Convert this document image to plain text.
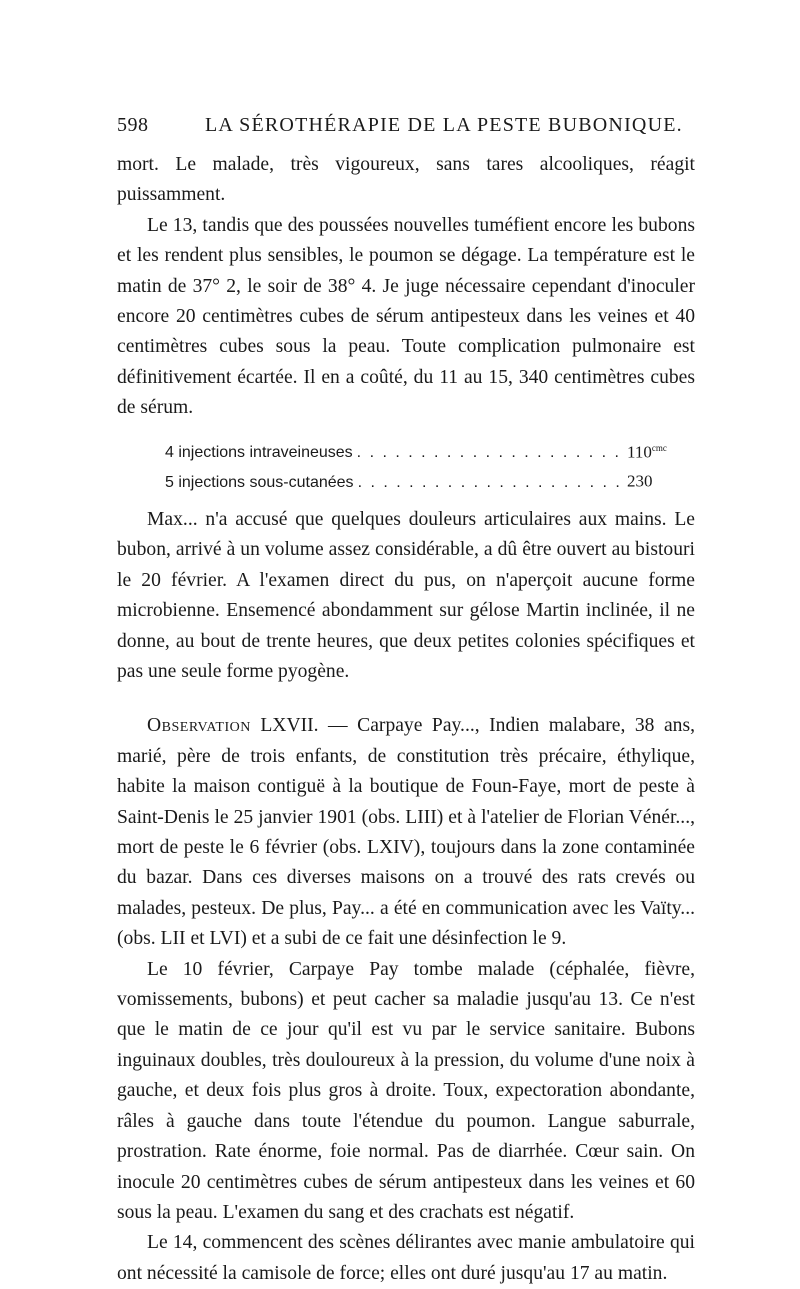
598	LA SÉROTHÉRAPIE DE LA PESTE BUBONIQUE.

mort. Le malade, très vigoureux, sans tares alcooliques, réagit puissamment.

Le 13, tandis que des poussées nouvelles tuméfient encore les bubons et les rendent plus sensibles, le poumon se dégage. La température est le matin de 37° 2, le soir de 38° 4. Je juge nécessaire cependant d'inoculer encore 20 centimètres cubes de sérum antipesteux dans les veines et 40 centimètres cubes sous la peau. Toute complication pulmonaire est définitivement écartée. Il en a coûté, du 11 au 15, 340 centimètres cubes de sérum.

4 injections intraveineuses . . .	$110^{cmc}$
5 injections sous-cutanées . . .	230

Max... n'a accusé que quelques douleurs articulaires aux mains. Le bubon, arrivé à un volume assez considérable, a dû être ouvert au bistouri le 20 février. A l'examen direct du pus, on n'aperçoit aucune forme microbienne. Ensemencé abondamment sur gélose Martin inclinée, il ne donne, au bout de trente heures, que deux petites colonies spécifiques et pas une seule forme pyogène.

Observation LXVII. — Carpaye Pay..., Indien malabare, 38 ans, marié, père de trois enfants, de constitution très précaire, éthylique, habite la maison contiguë à la boutique de Foun-Faye, mort de peste à Saint-Denis le 25 janvier 1901 (obs. LIII) et à l'atelier de Florian Vénér..., mort de peste le 6 février (obs. LXIV), toujours dans la zone contaminée du bazar. Dans ces diverses maisons on a trouvé des rats crevés ou malades, pesteux. De plus, Pay... a été en communication avec les Vaïty... (obs. LII et LVI) et a subi de ce fait une désinfection le 9.

Le 10 février, Carpaye Pay tombe malade (céphalée, fièvre, vomissements, bubons) et peut cacher sa maladie jusqu'au 13. Ce n'est que le matin de ce jour qu'il est vu par le service sanitaire. Bubons inguinaux doubles, très douloureux à la pression, du volume d'une noix à gauche, et deux fois plus gros à droite. Toux, expectoration abondante, râles à gauche dans toute l'étendue du poumon. Langue saburrale, prostration. Rate énorme, foie normal. Pas de diarrhée. Cœur sain. On inocule 20 centimètres cubes de sérum antipesteux dans les veines et 60 sous la peau. L'examen du sang et des crachats est négatif.

Le 14, commencent des scènes délirantes avec manie ambulatoire qui ont nécessité la camisole de force; elles ont duré jusqu'au 17 au matin.
